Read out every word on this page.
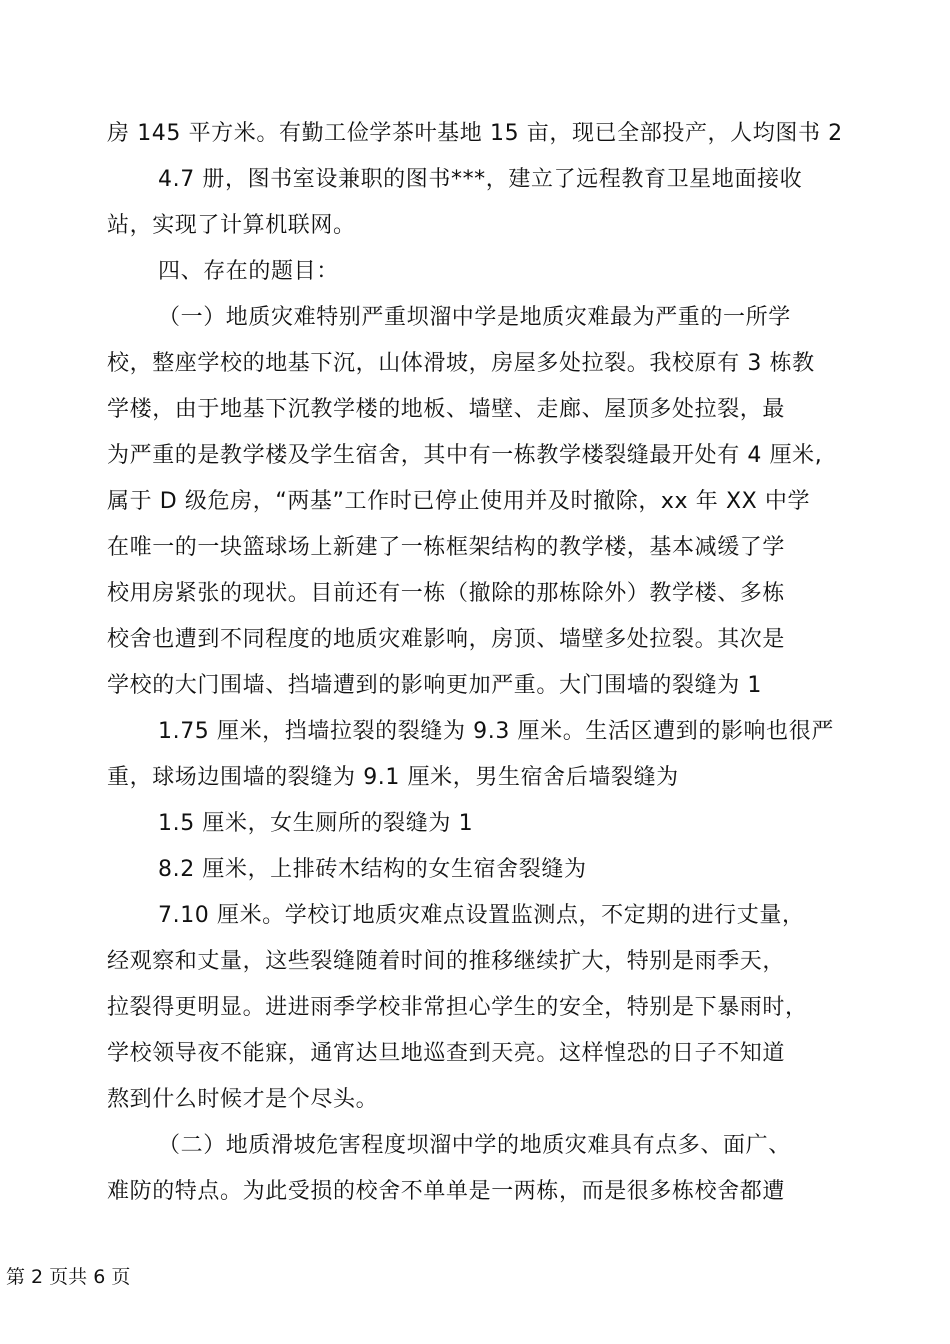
房 145 平方米。有勤工俭学茶叶基地 15 亩，现已全部投产，人均图书 2
4.7 册，图书室设兼职的图书***，建立了远程教育卫星地面接收
站，实现了计算机联网。
四、存在的题目：
（一）地质灾难特别严重坝溜中学是地质灾难最为严重的一所学
校，整座学校的地基下沉，山体滑坡，房屋多处拉裂。我校原有 3 栋教
学楼，由于地基下沉教学楼的地板、墙壁、走廊、屋顶多处拉裂，最
为严重的是教学楼及学生宿舍，其中有一栋教学楼裂缝最开处有 4 厘米,
属于 D 级危房，“两基”工作时已停止使用并及时撤除，xx 年 XX 中学
在唯一的一块篮球场上新建了一栋框架结构的教学楼，基本减缓了学
校用房紧张的现状。目前还有一栋（撤除的那栋除外）教学楼、多栋
校舍也遭到不同程度的地质灾难影响，房顶、墙壁多处拉裂。其次是
学校的大门围墙、挡墙遭到的影响更加严重。大门围墙的裂缝为 1
1.75 厘米，挡墙拉裂的裂缝为 9.3 厘米。生活区遭到的影响也很严
重，球场边围墙的裂缝为 9.1 厘米，男生宿舍后墙裂缝为
1.5 厘米，女生厕所的裂缝为 1
8.2 厘米，上排砖木结构的女生宿舍裂缝为
7.10 厘米。学校订地质灾难点设置监测点，不定期的进行丈量，
经观察和丈量，这些裂缝随着时间的推移继续扩大，特别是雨季天，
拉裂得更明显。进进雨季学校非常担心学生的安全，特别是下暴雨时，
学校领导夜不能寐，通宵达旦地巡查到天亮。这样惶恐的日子不知道
熬到什么时候才是个尽头。
（二）地质滑坡危害程度坝溜中学的地质灾难具有点多、面广、
难防的特点。为此受损的校舍不单单是一两栋，而是很多栋校舍都遭
第 2 页共 6 页
